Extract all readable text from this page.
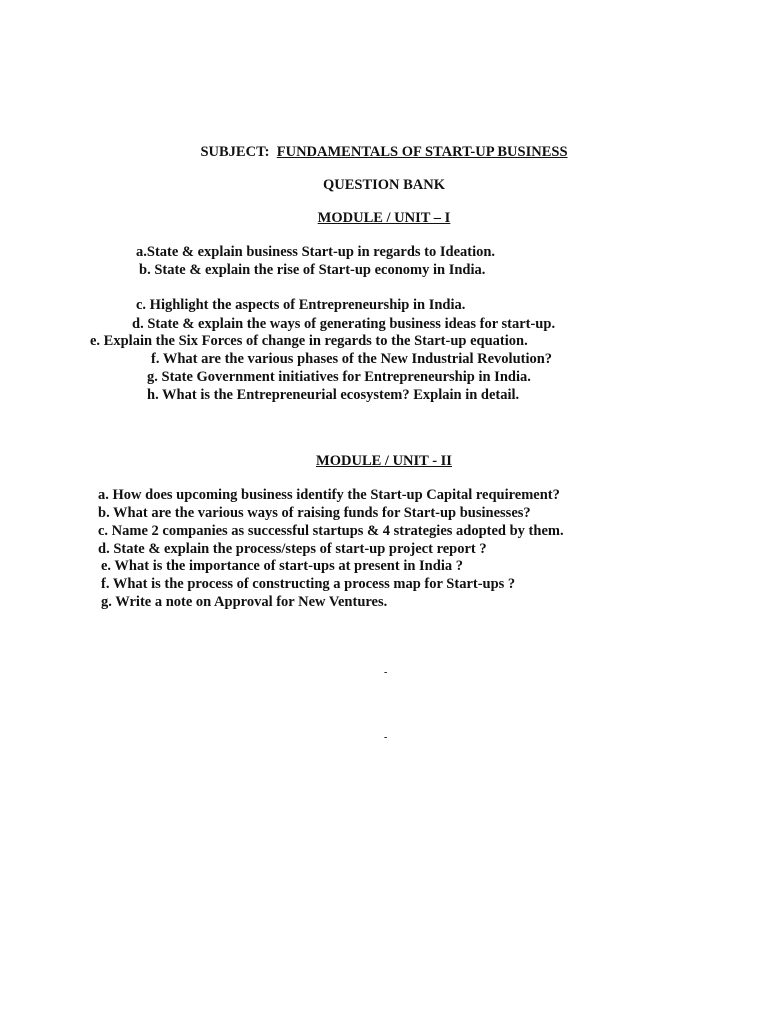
SUBJECT: FUNDAMENTALS OF START-UP BUSINESS
QUESTION BANK
MODULE / UNIT – I
a.State & explain business Start-up in regards to Ideation.
b. State & explain the rise of Start-up economy in India.
c. Highlight the aspects of Entrepreneurship in India.
d. State & explain the ways of generating business ideas for start-up.
e. Explain the Six Forces of change in regards to the Start-up equation.
f. What are the various phases of the New Industrial Revolution?
g. State Government initiatives for Entrepreneurship in India.
h. What is the Entrepreneurial ecosystem? Explain in detail.
MODULE / UNIT - II
a. How does upcoming business identify the Start-up Capital requirement?
b. What are the various ways of raising funds for Start-up businesses?
c. Name 2 companies as successful startups & 4 strategies adopted by them.
d. State & explain the process/steps of start-up project report ?
e. What is the importance of start-ups at present in India ?
f. What is the process of constructing a process map for Start-ups ?
g. Write a note on Approval for New Ventures.
-
-
